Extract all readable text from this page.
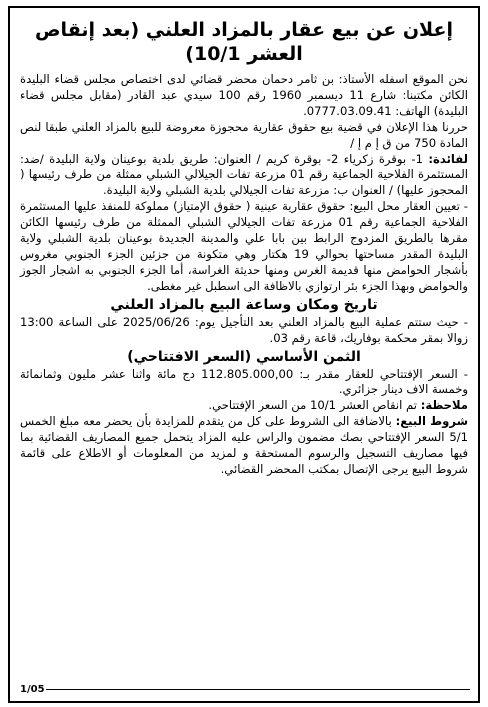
إعلان عن بيع عقار بالمزاد العلني (بعد إنقاص العشر 10/1)

نحن الموقع اسفله الأستاذ: بن ثامر دحمان محضر قضائي لدى اختصاص مجلس قضاء البليدة الكائن مكتبنا: شارع 11 ديسمبر 1960 رقم 100 سيدي عبد القادر (مقابل مجلس قضاء البليدة) الهاتف: 0777.03.09.41.

حررنا هذا الإعلان في قضية بيع حقوق عقارية محجوزة معروضة للبيع بالمزاد العلني طبقا لنص المادة 750 من ق إ م إ /

لفائدة: 1- بوقرة زكرياء 2- بوقرة كريم / العنوان: طريق بلدية بوعينان ولاية البليدة /ضد: المستثمرة الفلاحية الجماعية رقم 01 مزرعة تفات الجيلالي الشبلي ممثلة من طرف رئيسها ( المحجوز عليها) / العنوان ب: مزرعة تفات الجيلالي بلدية الشبلي ولاية البليدة.

- تعيين العقار محل البيع: حقوق عقارية عينية ( حقوق الإمتياز) مملوكة للمنفذ عليها المستثمرة الفلاحية الجماعية رقم 01 مزرعة تفات الجيلالي الشبلي الممثلة من طرف رئيسها الكائن مقرها بالطريق المزدوج الرابط بين بابا علي والمدينة الجديدة بوعينان بلدية الشبلي ولاية البليدة المقدر مساحتها بحوالي 19 هكتار وهي متكونة من جزئين الجزء الجنوبي مغروس بأشجار الحوامض منها قديمة الغرس ومنها حديثة الغراسة، أما الجزء الجنوبي به اشجار الجوز والحوامض وبهذا الجزء بئر ارتوازي بالاظافة الى اسطبل غير مغطى.

تاريخ ومكان وساعة البيع بالمزاد العلني

- حيث ستتم عملية البيع بالمزاد العلني بعد التأجيل يوم: 2025/06/26 على الساعة 13:00 زوالا بمقر محكمة بوفاريك، قاعة رقم 03.

الثمن الأساسي (السعر الافتتاحي)

- السعر الإفتتاحي للعقار مقدر بـ: 112.805.000,00 دج مائة واثنا عشر مليون وثمانمائة وخمسة الاف دينار جزائري.

ملاحظة: تم انقاص العشر 10/1 من السعر الإفتتاحي.

شروط البيع: بالاضافة الى الشروط على كل من يتقدم للمزايدة بأن يحضر معه مبلغ الخمس 5/1 السعر الإفتتاحي بصك مضمون والراس عليه المزاد يتحمل جميع المصاريف القضائية بما فيها مصاريف التسجيل والرسوم المستحقة و لمزيد من المعلومات أو الاطلاع على قائمة شروط البيع يرجى الإتصال بمكتب المحضر القضائي.

1/05
